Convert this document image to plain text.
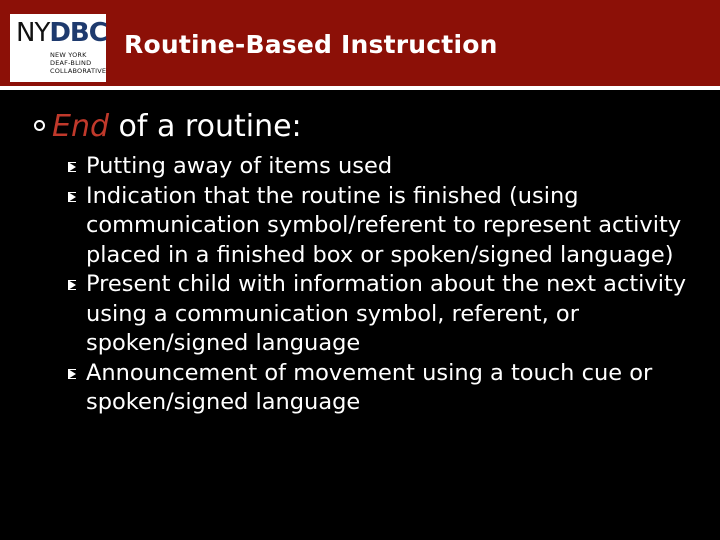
NYDBC
NEW YORK
DEAF-BLIND
COLLABORATIVE
Routine-Based Instruction
End of a routine:
Putting away of items used
Indication that the routine is finished (using communication symbol/referent to represent activity placed in a finished box or spoken/signed language)
Present child with information about the next activity using a communication symbol, referent, or spoken/signed language
Announcement of movement using a touch cue or spoken/signed language
